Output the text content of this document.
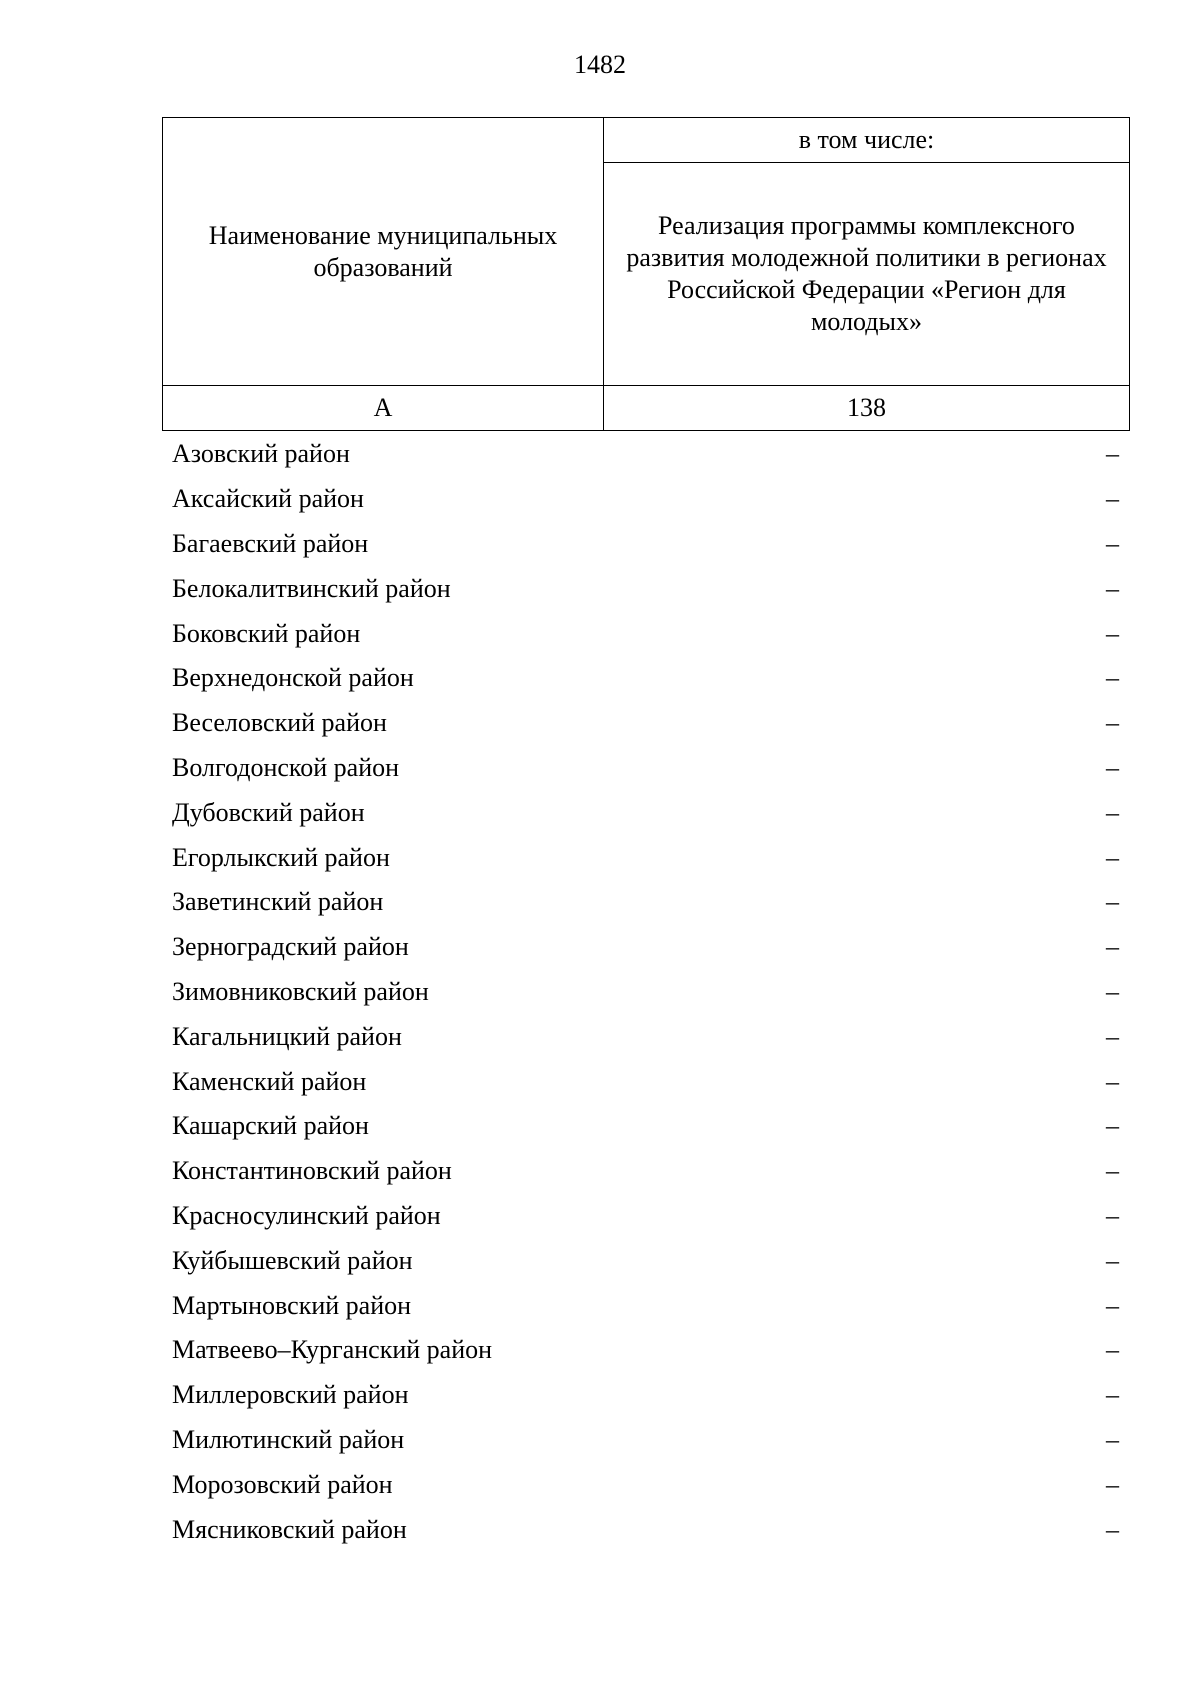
1482
Наименование муниципальных образований	в том числе:
	Реализация программы комплексного развития молодежной политики в регионах Российской Федерации «Регион для молодых»
А	138
Азовский район	–
Аксайский район	–
Багаевский район	–
Белокалитвинский район	–
Боковский район	–
Верхнедонской район	–
Веселовский район	–
Волгодонской район	–
Дубовский район	–
Егорлыкский район	–
Заветинский район	–
Зерноградский район	–
Зимовниковский район	–
Кагальницкий район	–
Каменский район	–
Кашарский район	–
Константиновский район	–
Красносулинский район	–
Куйбышевский район	–
Мартыновский район	–
Матвеево–Курганский район	–
Миллеровский район	–
Милютинский район	–
Морозовский район	–
Мясниковский район	–
